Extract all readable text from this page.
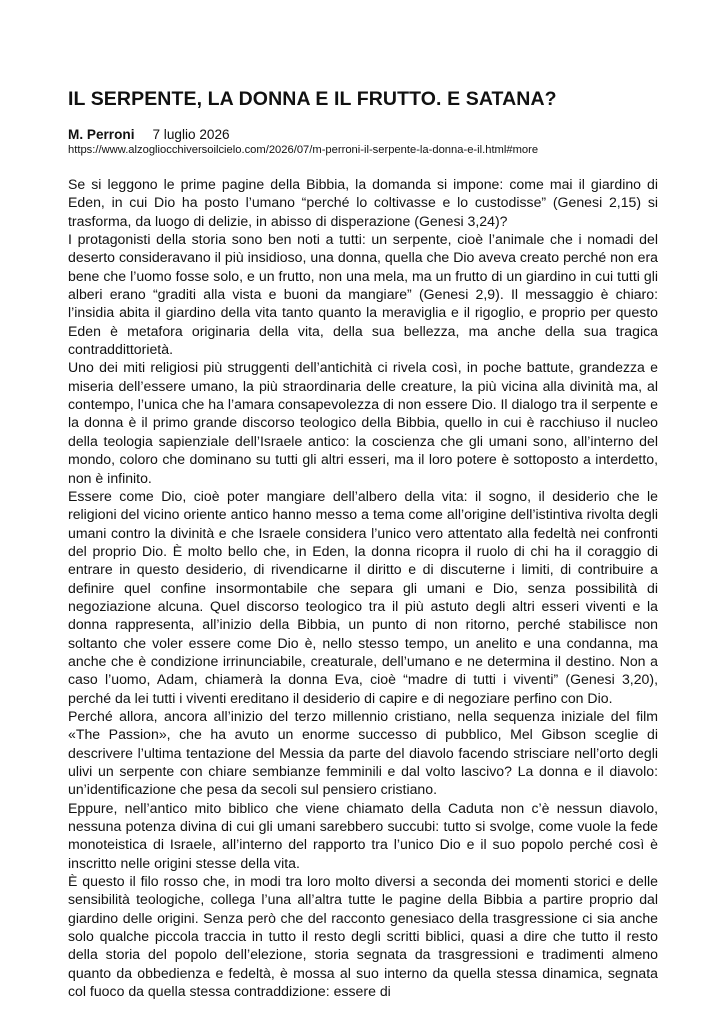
IL SERPENTE, LA DONNA E IL FRUTTO. E SATANA?
M. Perroni 7 luglio 2026
https://www.alzogliocchiversoilcielo.com/2026/07/m-perroni-il-serpente-la-donna-e-il.html#more

Se si leggono le prime pagine della Bibbia, la domanda si impone: come mai il giardino di Eden, in cui Dio ha posto l’umano “perché lo coltivasse e lo custodisse” (Genesi 2,15) si trasforma, da luogo di delizie, in abisso di disperazione (Genesi 3,24)?

I protagonisti della storia sono ben noti a tutti: un serpente, cioè l’animale che i nomadi del deserto consideravano il più insidioso, una donna, quella che Dio aveva creato perché non era bene che l’uomo fosse solo, e un frutto, non una mela, ma un frutto di un giardino in cui tutti gli alberi erano “graditi alla vista e buoni da mangiare” (Genesi 2,9). Il messaggio è chiaro: l’insidia abita il giardino della vita tanto quanto la meraviglia e il rigoglio, e proprio per questo Eden è metafora originaria della vita, della sua bellezza, ma anche della sua tragica contraddittorietà.

Uno dei miti religiosi più struggenti dell’antichità ci rivela così, in poche battute, grandezza e miseria dell’essere umano, la più straordinaria delle creature, la più vicina alla divinità ma, al contempo, l’unica che ha l’amara consapevolezza di non essere Dio. Il dialogo tra il serpente e la donna è il primo grande discorso teologico della Bibbia, quello in cui è racchiuso il nucleo della teologia sapienziale dell’Israele antico: la coscienza che gli umani sono, all’interno del mondo, coloro che dominano su tutti gli altri esseri, ma il loro potere è sottoposto a interdetto, non è infinito.

Essere come Dio, cioè poter mangiare dell’albero della vita: il sogno, il desiderio che le religioni del vicino oriente antico hanno messo a tema come all’origine dell’istintiva rivolta degli umani contro la divinità e che Israele considera l’unico vero attentato alla fedeltà nei confronti del proprio Dio. È molto bello che, in Eden, la donna ricopra il ruolo di chi ha il coraggio di entrare in questo desiderio, di rivendicarne il diritto e di discuterne i limiti, di contribuire a definire quel confine insormontabile che separa gli umani e Dio, senza possibilità di negoziazione alcuna. Quel discorso teologico tra il più astuto degli altri esseri viventi e la donna rappresenta, all’inizio della Bibbia, un punto di non ritorno, perché stabilisce non soltanto che voler essere come Dio è, nello stesso tempo, un anelito e una condanna, ma anche che è condizione irrinunciabile, creaturale, dell’umano e ne determina il destino. Non a caso l’uomo, Adam, chiamerà la donna Eva, cioè “madre di tutti i viventi” (Genesi 3,20), perché da lei tutti i viventi ereditano il desiderio di capire e di negoziare perfino con Dio.

Perché allora, ancora all’inizio del terzo millennio cristiano, nella sequenza iniziale del film «The Passion», che ha avuto un enorme successo di pubblico, Mel Gibson sceglie di descrivere l’ultima tentazione del Messia da parte del diavolo facendo strisciare nell’orto degli ulivi un serpente con chiare sembianze femminili e dal volto lascivo? La donna e il diavolo: un’identificazione che pesa da secoli sul pensiero cristiano.

Eppure, nell’antico mito biblico che viene chiamato della Caduta non c’è nessun diavolo, nessuna potenza divina di cui gli umani sarebbero succubi: tutto si svolge, come vuole la fede monoteistica di Israele, all’interno del rapporto tra l’unico Dio e il suo popolo perché così è inscritto nelle origini stesse della vita.

È questo il filo rosso che, in modi tra loro molto diversi a seconda dei momenti storici e delle sensibilità teologiche, collega l’una all’altra tutte le pagine della Bibbia a partire proprio dal giardino delle origini. Senza però che del racconto genesiaco della trasgressione ci sia anche solo qualche piccola traccia in tutto il resto degli scritti biblici, quasi a dire che tutto il resto della storia del popolo dell’elezione, storia segnata da trasgressioni e tradimenti almeno quanto da obbedienza e fedeltà, è mossa al suo interno da quella stessa dinamica, segnata col fuoco da quella stessa contraddizione: essere di
